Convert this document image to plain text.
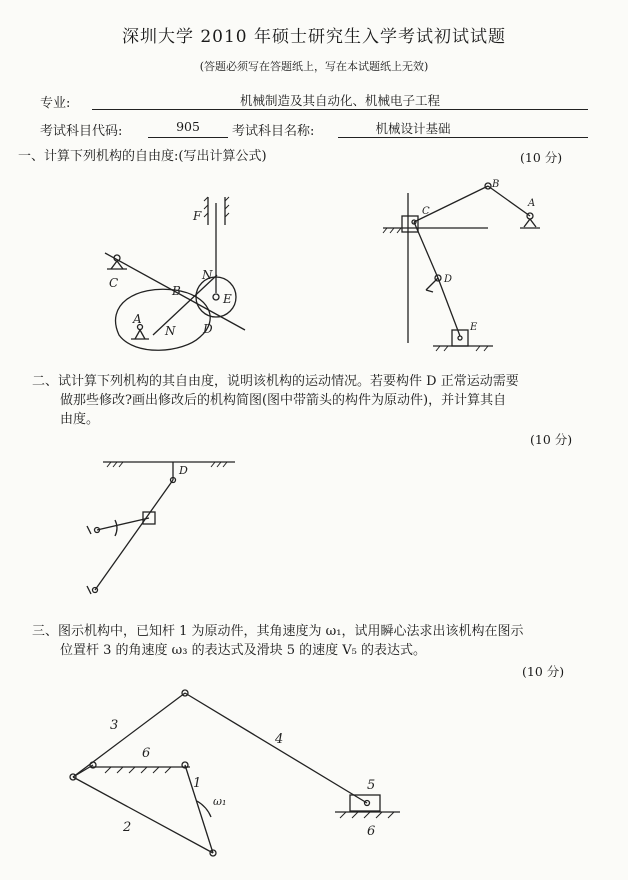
深圳大学 2010 年硕士研究生入学考试初试试题
(答题必须写在答题纸上，写在本试题纸上无效)
专业:	机械制造及其自动化、机械电子工程
考试科目代码:	905	考试科目名称:	机械设计基础
一、计算下列机构的自由度:(写出计算公式)	(10 分)
F
C
B
N
E
A
N D
B
A
C
D
E
二、试计算下列机构的其自由度，说明该机构的运动情况。若要构件 D 正常运动需要
做那些修改?画出修改后的机构简图(图中带箭头的构件为原动件)，并计算其自
由度。
(10 分)
D
三、图示机构中，已知杆 1 为原动件，其角速度为 ω₁，试用瞬心法求出该机构在图示
位置杆 3 的角速度 ω₃ 的表达式及滑块 5 的速度 V₅ 的表达式。
(10 分)
1
2
3
4
5
6
6
ω₁
